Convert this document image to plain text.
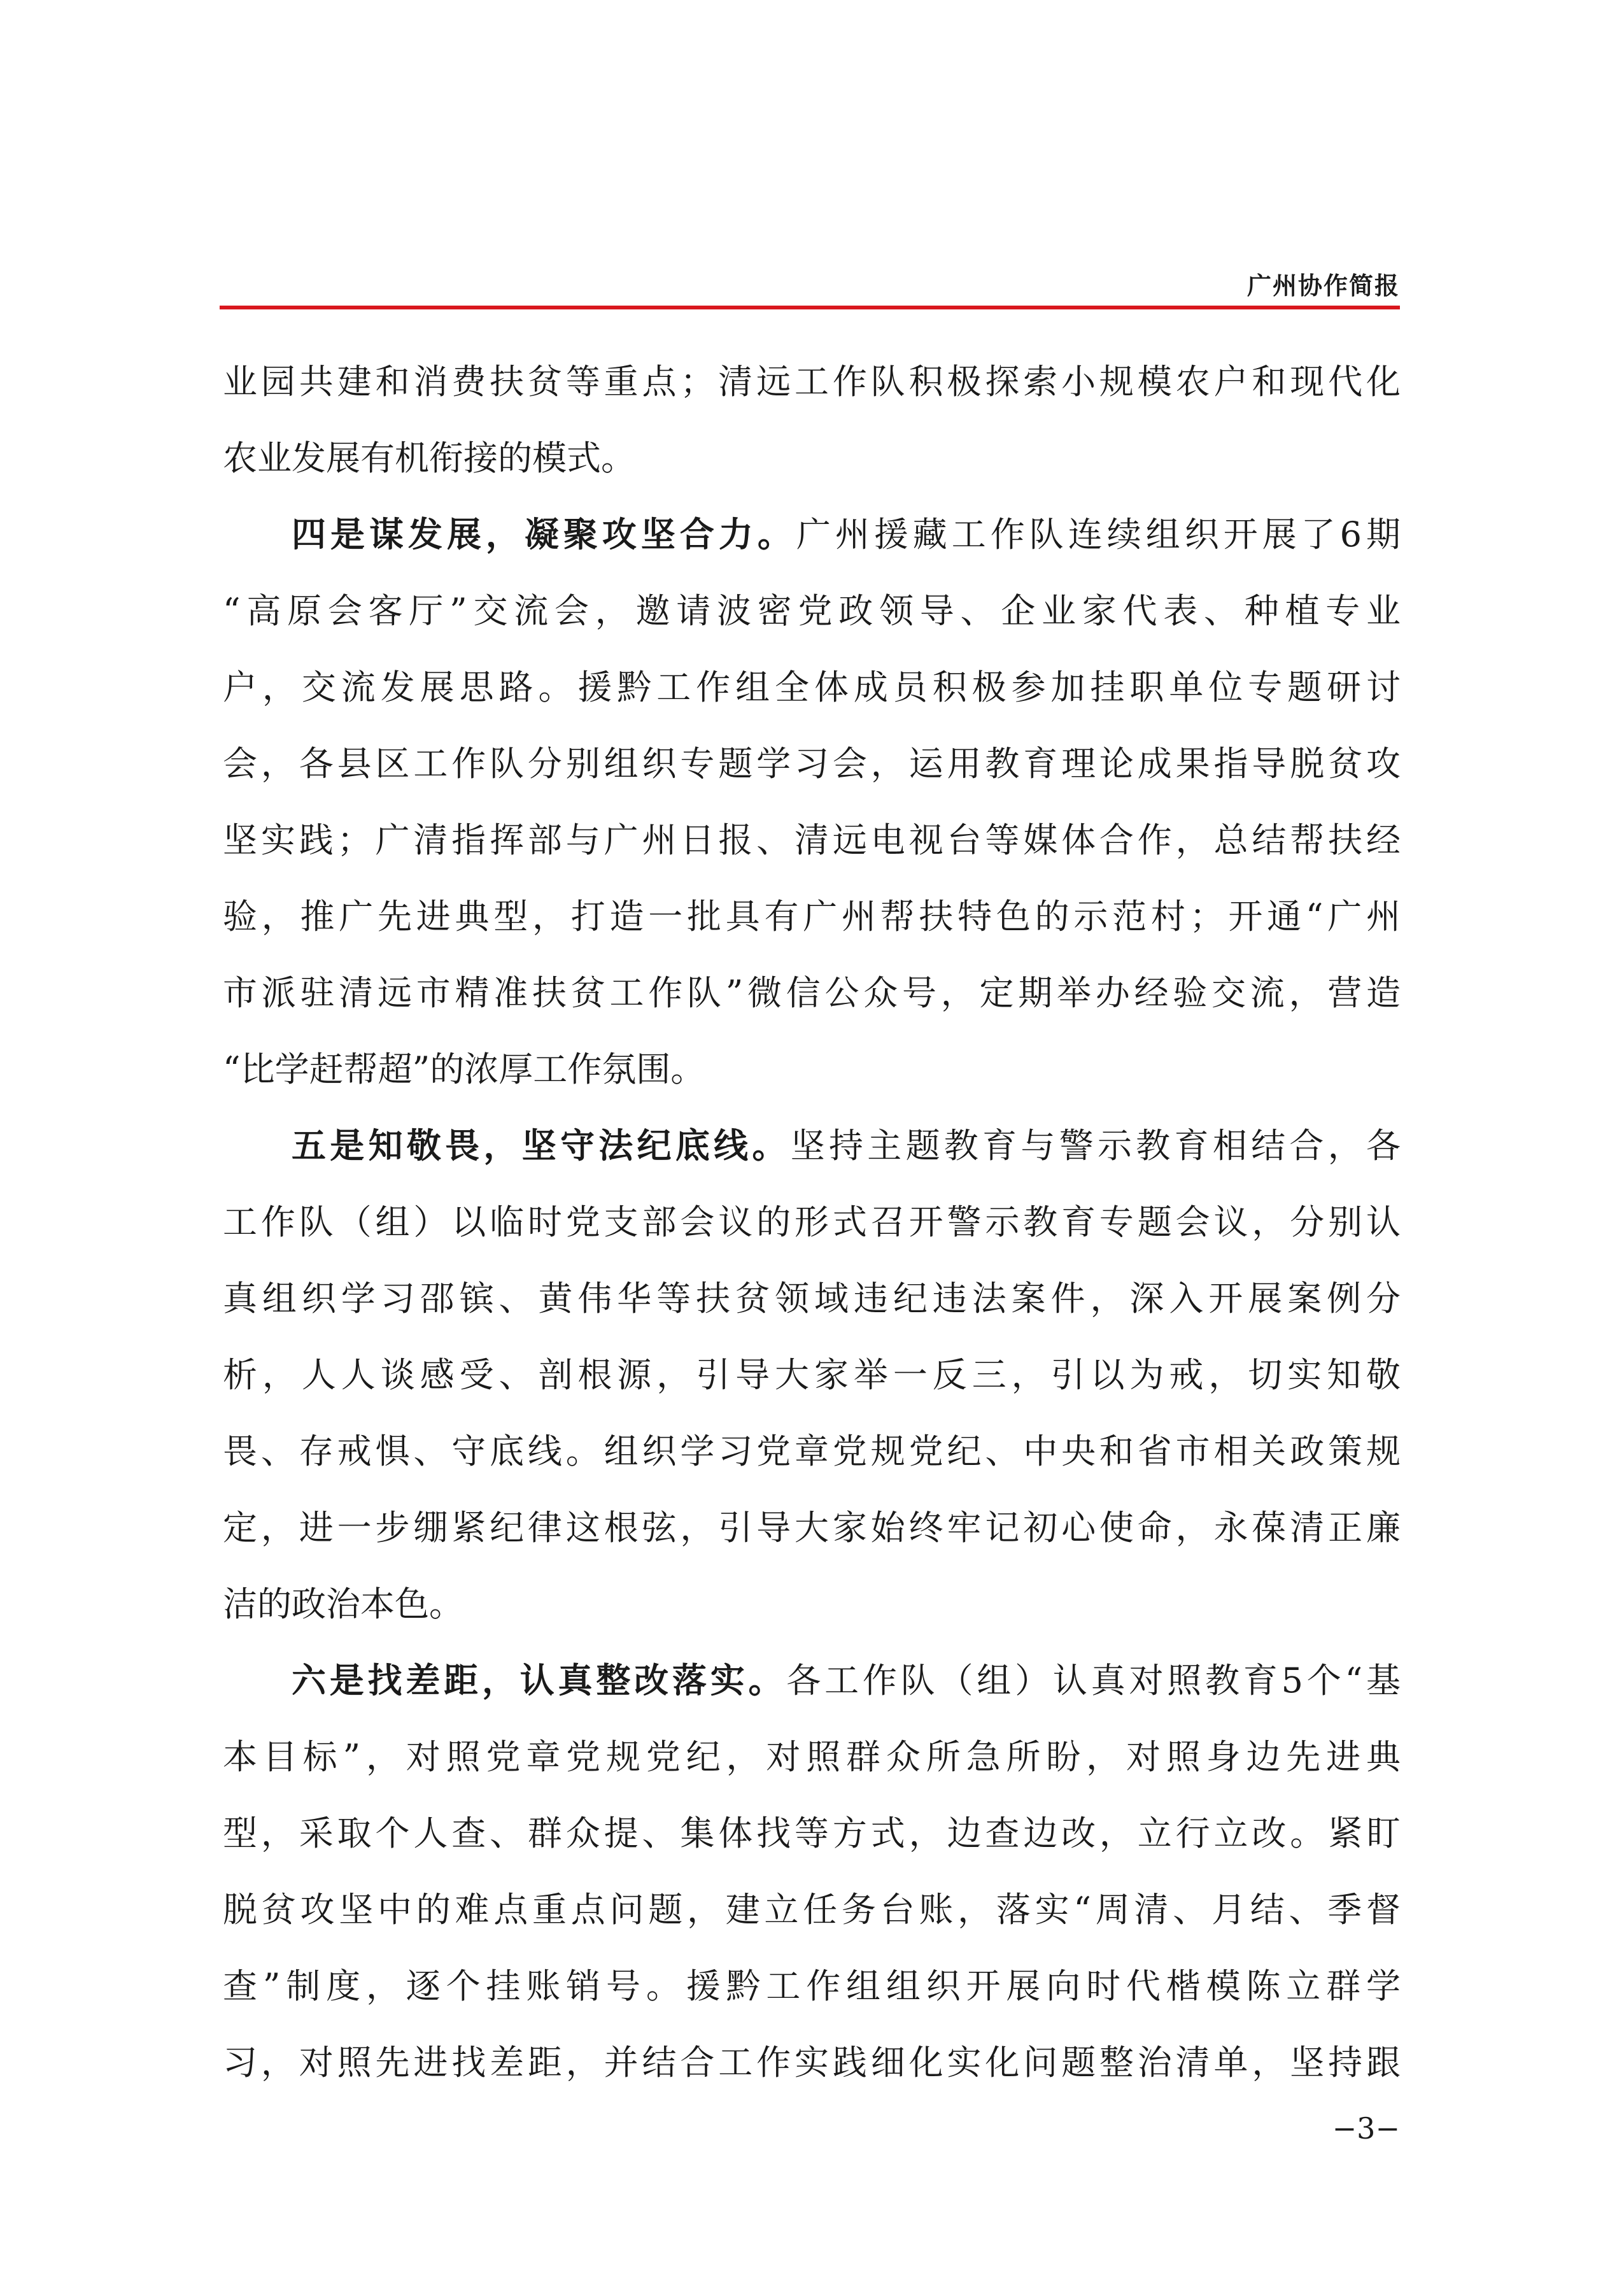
广州协作简报
业园共建和消费扶贫等重点；清远工作队积极探索小规模农户和现代化
农业发展有机衔接的模式。
四是谋发展，凝聚攻坚合力。广州援藏工作队连续组织开展了6期
“高原会客厅”交流会，邀请波密党政领导、企业家代表、种植专业
户，交流发展思路。援黔工作组全体成员积极参加挂职单位专题研讨
会，各县区工作队分别组织专题学习会，运用教育理论成果指导脱贫攻
坚实践；广清指挥部与广州日报、清远电视台等媒体合作，总结帮扶经
验，推广先进典型，打造一批具有广州帮扶特色的示范村；开通“广州
市派驻清远市精准扶贫工作队”微信公众号，定期举办经验交流，营造
“比学赶帮超”的浓厚工作氛围。
五是知敬畏，坚守法纪底线。坚持主题教育与警示教育相结合，各
工作队（组）以临时党支部会议的形式召开警示教育专题会议，分别认
真组织学习邵镔、黄伟华等扶贫领域违纪违法案件，深入开展案例分
析，人人谈感受、剖根源，引导大家举一反三，引以为戒，切实知敬
畏、存戒惧、守底线。组织学习党章党规党纪、中央和省市相关政策规
定，进一步绷紧纪律这根弦，引导大家始终牢记初心使命，永葆清正廉
洁的政治本色。
六是找差距，认真整改落实。各工作队（组）认真对照教育5个“基
本目标”，对照党章党规党纪，对照群众所急所盼，对照身边先进典
型，采取个人查、群众提、集体找等方式，边查边改，立行立改。紧盯
脱贫攻坚中的难点重点问题，建立任务台账，落实“周清、月结、季督
查”制度，逐个挂账销号。援黔工作组组织开展向时代楷模陈立群学
习，对照先进找差距，并结合工作实践细化实化问题整治清单，坚持跟
−3−
